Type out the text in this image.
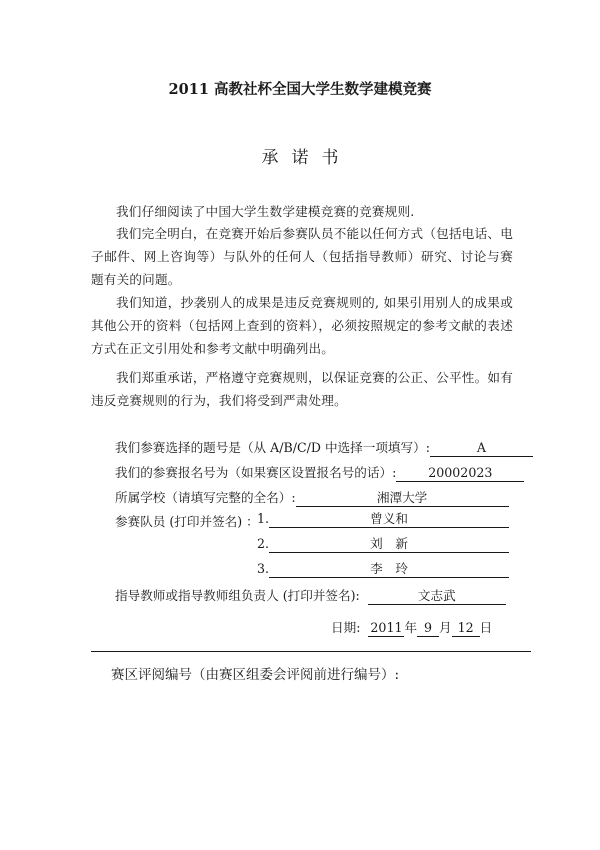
2011 高教社杯全国大学生数学建模竞赛
承诺书
我们仔细阅读了中国大学生数学建模竞赛的竞赛规则.
我们完全明白，在竞赛开始后参赛队员不能以任何方式（包括电话、电子邮件、网上咨询等）与队外的任何人（包括指导教师）研究、讨论与赛题有关的问题。
我们知道，抄袭别人的成果是违反竞赛规则的, 如果引用别人的成果或其他公开的资料（包括网上查到的资料），必须按照规定的参考文献的表述方式在正文引用处和参考文献中明确列出。
我们郑重承诺，严格遵守竞赛规则，以保证竞赛的公正、公平性。如有违反竞赛规则的行为，我们将受到严肃处理。
我们参赛选择的题号是（从 A/B/C/D 中选择一项填写）:	A
我们的参赛报名号为（如果赛区设置报名号的话）:	20002023
所属学校（请填写完整的全名）:	湘潭大学
参赛队员 (打印并签名) ：
1.	曾义和
2.	刘　新
3.	李　玲
指导教师或指导教师组负责人 (打印并签名):	文志武
日期: 2011 年 9 月 12 日
赛区评阅编号（由赛区组委会评阅前进行编号）:
